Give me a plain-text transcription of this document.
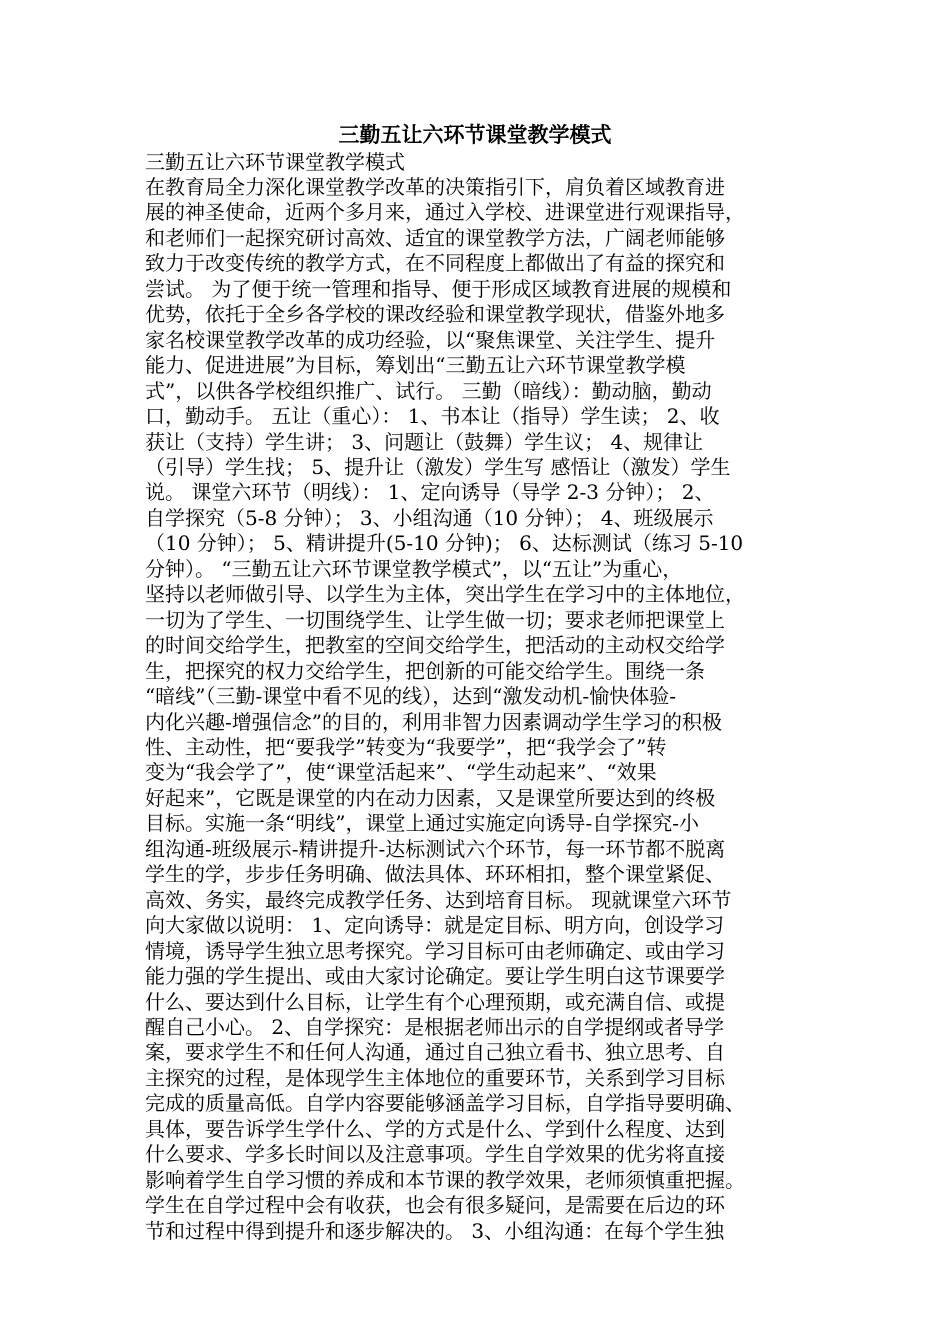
三勤五让六环节课堂教学模式
三勤五让六环节课堂教学模式
在教育局全力深化课堂教学改革的决策指引下，肩负着区域教育进
展的神圣使命，近两个多月来，通过入学校、进课堂进行观课指导，
和老师们一起探究研讨高效、适宜的课堂教学方法，广阔老师能够
致力于改变传统的教学方式，在不同程度上都做出了有益的探究和
尝试。 为了便于统一管理和指导、便于形成区域教育进展的规模和
优势，依托于全乡各学校的课改经验和课堂教学现状，借鉴外地多
家名校课堂教学改革的成功经验，以“聚焦课堂、关注学生、提升
能力、促进进展”为目标，筹划出“三勤五让六环节课堂教学模
式”，以供各学校组织推广、试行。 三勤（暗线）：勤动脑，勤动
口，勤动手。 五让（重心）： 1、书本让（指导）学生读； 2、收
获让（支持）学生讲； 3、问题让（鼓舞）学生议； 4、规律让
（引导）学生找； 5、提升让（激发）学生写 感悟让（激发）学生
说。 课堂六环节（明线）： 1、定向诱导（导学 2-3 分钟）； 2、
自学探究（5-8 分钟）； 3、小组沟通（10 分钟）； 4、班级展示
（10 分钟）； 5、精讲提升(5-10 分钟)； 6、达标测试（练习 5-10
分钟）。 “三勤五让六环节课堂教学模式”，以“五让”为重心，
坚持以老师做引导、以学生为主体，突出学生在学习中的主体地位，
一切为了学生、一切围绕学生、让学生做一切；要求老师把课堂上
的时间交给学生，把教室的空间交给学生，把活动的主动权交给学
生，把探究的权力交给学生，把创新的可能交给学生。围绕一条
“暗线”（三勤-课堂中看不见的线），达到“激发动机-愉快体验-
内化兴趣-增强信念”的目的，利用非智力因素调动学生学习的积极
性、主动性，把“要我学”转变为“我要学”，把“我学会了”转
变为“我会学了”，使“课堂活起来”、“学生动起来”、“效果
好起来”，它既是课堂的内在动力因素，又是课堂所要达到的终极
目标。实施一条“明线”，课堂上通过实施定向诱导-自学探究-小
组沟通-班级展示-精讲提升-达标测试六个环节，每一环节都不脱离
学生的学，步步任务明确、做法具体、环环相扣，整个课堂紧促、
高效、务实，最终完成教学任务、达到培育目标。 现就课堂六环节
向大家做以说明： 1、定向诱导：就是定目标、明方向，创设学习
情境，诱导学生独立思考探究。学习目标可由老师确定、或由学习
能力强的学生提出、或由大家讨论确定。要让学生明白这节课要学
什么、要达到什么目标，让学生有个心理预期，或充满自信、或提
醒自己小心。 2、自学探究：是根据老师出示的自学提纲或者导学
案，要求学生不和任何人沟通，通过自己独立看书、独立思考、自
主探究的过程，是体现学生主体地位的重要环节，关系到学习目标
完成的质量高低。自学内容要能够涵盖学习目标，自学指导要明确、
具体，要告诉学生学什么、学的方式是什么、学到什么程度、达到
什么要求、学多长时间以及注意事项。学生自学效果的优劣将直接
影响着学生自学习惯的养成和本节课的教学效果，老师须慎重把握。
学生在自学过程中会有收获，也会有很多疑问，是需要在后边的环
节和过程中得到提升和逐步解决的。 3、小组沟通：在每个学生独
